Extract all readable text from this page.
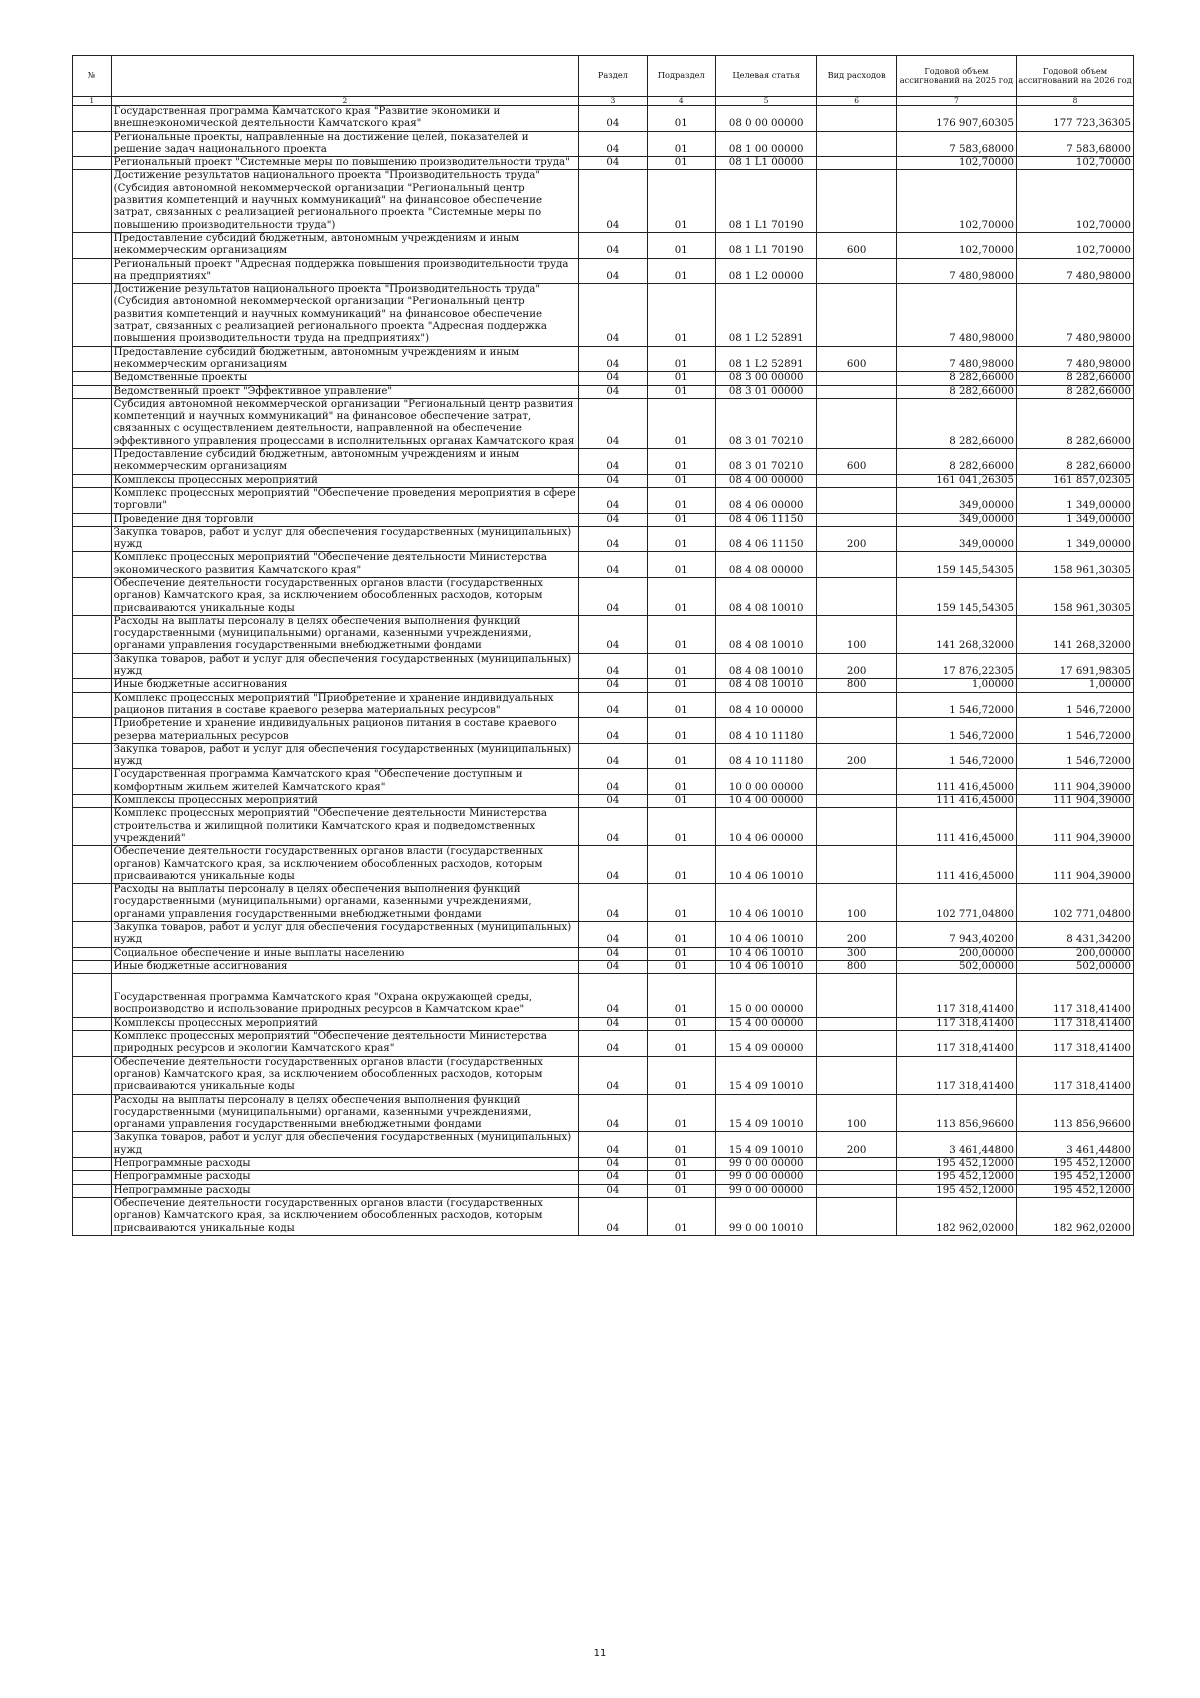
№		Раздел	Подраздел	Целевая статья	Вид расходов	Годовой объем ассигнований на 2025 год	Годовой объем ассигнований на 2026 год
1	2	3	4	5	6	7	8
	Государственная программа Камчатского края "Развитие экономики и внешнеэкономической деятельности Камчатского края"	04	01	08 0 00 00000		176 907,60305	177 723,36305
	Региональные проекты, направленные на достижение целей, показателей и решение задач национального проекта	04	01	08 1 00 00000		7 583,68000	7 583,68000
	Региональный проект "Системные меры по повышению производительности труда"	04	01	08 1 L1 00000		102,70000	102,70000
	Достижение результатов национального проекта "Производительность труда" (Субсидия автономной некоммерческой организации "Региональный центр развития компетенций и научных коммуникаций" на финансовое обеспечение затрат, связанных с реализацией регионального проекта "Системные меры по повышению производительности труда")	04	01	08 1 L1 70190		102,70000	102,70000
	Предоставление субсидий бюджетным, автономным учреждениям и иным некоммерческим организациям	04	01	08 1 L1 70190	600	102,70000	102,70000
	Региональный проект "Адресная поддержка повышения производительности труда на предприятиях"	04	01	08 1 L2 00000		7 480,98000	7 480,98000
	Достижение результатов национального проекта "Производительность труда" (Субсидия автономной некоммерческой организации "Региональный центр развития компетенций и научных коммуникаций" на финансовое обеспечение затрат, связанных с реализацией регионального проекта "Адресная поддержка повышения производительности труда на предприятиях")	04	01	08 1 L2 52891		7 480,98000	7 480,98000
	Предоставление субсидий бюджетным, автономным учреждениям и иным некоммерческим организациям	04	01	08 1 L2 52891	600	7 480,98000	7 480,98000
	Ведомственные проекты	04	01	08 3 00 00000		8 282,66000	8 282,66000
	Ведомственный проект "Эффективное управление"	04	01	08 3 01 00000		8 282,66000	8 282,66000
	Субсидия автономной некоммерческой организации "Региональный центр развития компетенций и научных коммуникаций" на финансовое обеспечение затрат, связанных с осуществлением деятельности, направленной на обеспечение эффективного управления процессами в исполнительных органах Камчатского края	04	01	08 3 01 70210		8 282,66000	8 282,66000
	Предоставление субсидий бюджетным, автономным учреждениям и иным некоммерческим организациям	04	01	08 3 01 70210	600	8 282,66000	8 282,66000
	Комплексы процессных мероприятий	04	01	08 4 00 00000		161 041,26305	161 857,02305
	Комплекс процессных мероприятий "Обеспечение проведения мероприятия в сфере торговли"	04	01	08 4 06 00000		349,00000	1 349,00000
	Проведение дня торговли	04	01	08 4 06 11150		349,00000	1 349,00000
	Закупка товаров, работ и услуг для обеспечения государственных (муниципальных) нужд	04	01	08 4 06 11150	200	349,00000	1 349,00000
	Комплекс процессных мероприятий "Обеспечение деятельности Министерства экономического развития Камчатского края"	04	01	08 4 08 00000		159 145,54305	158 961,30305
	Обеспечение деятельности государственных органов власти (государственных органов) Камчатского края, за исключением обособленных расходов, которым присваиваются уникальные коды	04	01	08 4 08 10010		159 145,54305	158 961,30305
	Расходы на выплаты персоналу в целях обеспечения выполнения функций государственными (муниципальными) органами, казенными учреждениями, органами управления государственными внебюджетными фондами	04	01	08 4 08 10010	100	141 268,32000	141 268,32000
	Закупка товаров, работ и услуг для обеспечения государственных (муниципальных) нужд	04	01	08 4 08 10010	200	17 876,22305	17 691,98305
	Иные бюджетные ассигнования	04	01	08 4 08 10010	800	1,00000	1,00000
	Комплекс процессных мероприятий "Приобретение и хранение индивидуальных рационов питания в составе краевого резерва материальных ресурсов"	04	01	08 4 10 00000		1 546,72000	1 546,72000
	Приобретение и хранение индивидуальных рационов питания в составе краевого резерва материальных ресурсов	04	01	08 4 10 11180		1 546,72000	1 546,72000
	Закупка товаров, работ и услуг для обеспечения государственных (муниципальных) нужд	04	01	08 4 10 11180	200	1 546,72000	1 546,72000
	Государственная программа Камчатского края "Обеспечение доступным и комфортным жильем жителей Камчатского края"	04	01	10 0 00 00000		111 416,45000	111 904,39000
	Комплексы процессных мероприятий	04	01	10 4 00 00000		111 416,45000	111 904,39000
	Комплекс процессных мероприятий "Обеспечение деятельности Министерства строительства и жилищной политики Камчатского края и подведомственных учреждений"	04	01	10 4 06 00000		111 416,45000	111 904,39000
	Обеспечение деятельности государственных органов власти (государственных органов) Камчатского края, за исключением обособленных расходов, которым присваиваются уникальные коды	04	01	10 4 06 10010		111 416,45000	111 904,39000
	Расходы на выплаты персоналу в целях обеспечения выполнения функций государственными (муниципальными) органами, казенными учреждениями, органами управления государственными внебюджетными фондами	04	01	10 4 06 10010	100	102 771,04800	102 771,04800
	Закупка товаров, работ и услуг для обеспечения государственных (муниципальных) нужд	04	01	10 4 06 10010	200	7 943,40200	8 431,34200
	Социальное обеспечение и иные выплаты населению	04	01	10 4 06 10010	300	200,00000	200,00000
	Иные бюджетные ассигнования	04	01	10 4 06 10010	800	502,00000	502,00000
	Государственная программа Камчатского края "Охрана окружающей среды, воспроизводство и использование природных ресурсов в Камчатском крае"	04	01	15 0 00 00000		117 318,41400	117 318,41400
	Комплексы процессных мероприятий	04	01	15 4 00 00000		117 318,41400	117 318,41400
	Комплекс процессных мероприятий "Обеспечение деятельности Министерства природных ресурсов и экологии Камчатского края"	04	01	15 4 09 00000		117 318,41400	117 318,41400
	Обеспечение деятельности государственных органов власти (государственных органов) Камчатского края, за исключением обособленных расходов, которым присваиваются уникальные коды	04	01	15 4 09 10010		117 318,41400	117 318,41400
	Расходы на выплаты персоналу в целях обеспечения выполнения функций государственными (муниципальными) органами, казенными учреждениями, органами управления государственными внебюджетными фондами	04	01	15 4 09 10010	100	113 856,96600	113 856,96600
	Закупка товаров, работ и услуг для обеспечения государственных (муниципальных) нужд	04	01	15 4 09 10010	200	3 461,44800	3 461,44800
	Непрограммные расходы	04	01	99 0 00 00000		195 452,12000	195 452,12000
	Непрограммные расходы	04	01	99 0 00 00000		195 452,12000	195 452,12000
	Непрограммные расходы	04	01	99 0 00 00000		195 452,12000	195 452,12000
	Обеспечение деятельности государственных органов власти (государственных органов) Камчатского края, за исключением обособленных расходов, которым присваиваются уникальные коды	04	01	99 0 00 10010		182 962,02000	182 962,02000
11
